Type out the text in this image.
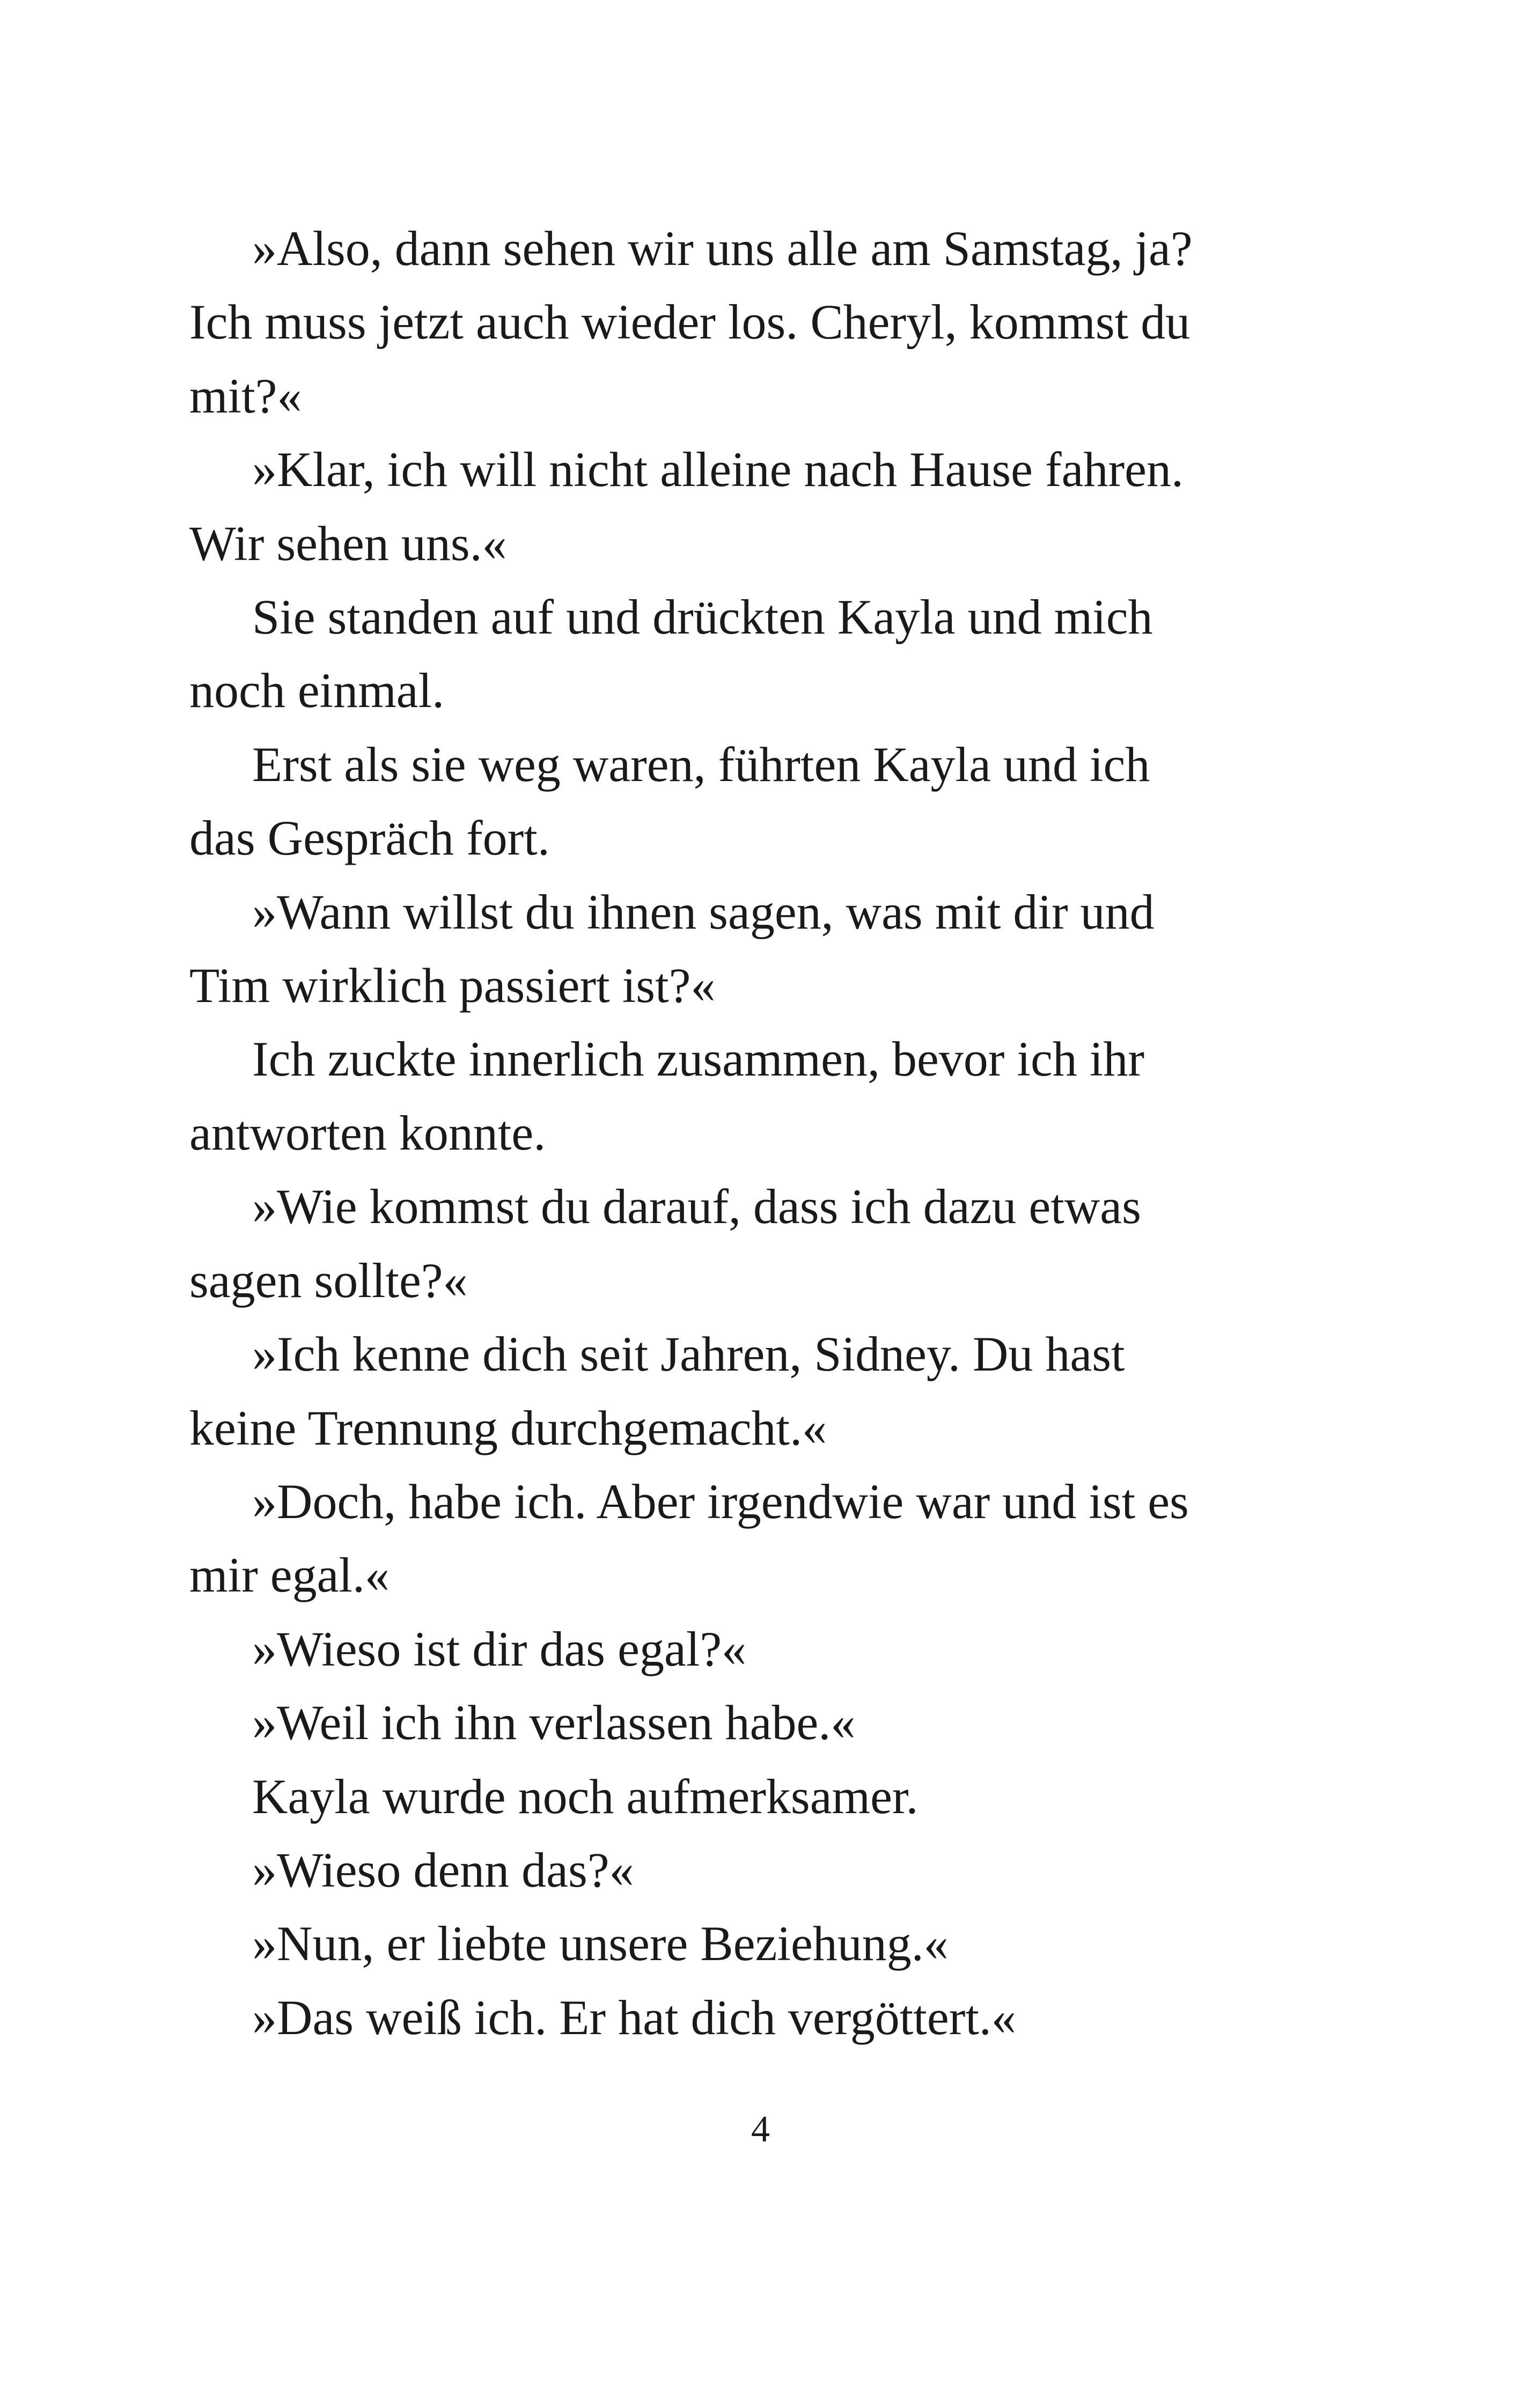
»Also, dann sehen wir uns alle am Samstag, ja?
Ich muss jetzt auch wieder los. Cheryl, kommst du
mit?«

»Klar, ich will nicht alleine nach Hause fahren.
Wir sehen uns.«

Sie standen auf und drückten Kayla und mich
noch einmal.

Erst als sie weg waren, führten Kayla und ich
das Gespräch fort.

»Wann willst du ihnen sagen, was mit dir und
Tim wirklich passiert ist?«

Ich zuckte innerlich zusammen, bevor ich ihr
antworten konnte.

»Wie kommst du darauf, dass ich dazu etwas
sagen sollte?«

»Ich kenne dich seit Jahren, Sidney. Du hast
keine Trennung durchgemacht.«

»Doch, habe ich. Aber irgendwie war und ist es
mir egal.«

»Wieso ist dir das egal?«

»Weil ich ihn verlassen habe.«

Kayla wurde noch aufmerksamer.

»Wieso denn das?«

»Nun, er liebte unsere Beziehung.«

»Das weiß ich. Er hat dich vergöttert.«

4
